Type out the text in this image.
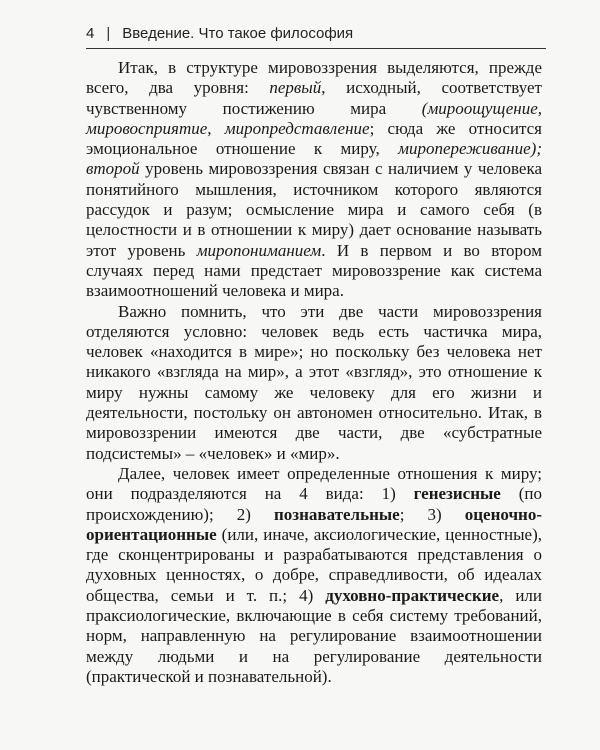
4 | Введение. Что такое философия

Итак, в структуре мировоззрения выделяются, прежде всего, два уровня: первый, исходный, соответствует чувственному постижению мира (мироощущение, мировосприятие, миропредставление; сюда же относится эмоциональное отношение к миру, миропереживание); второй уровень мировоззрения связан с наличием у человека понятийного мышления, источником которого являются рассудок и разум; осмысление мира и самого себя (в целостности и в отношении к миру) дает основание называть этот уровень миропониманием. И в первом и во втором случаях перед нами предстает мировоззрение как система взаимоотношений человека и мира.

Важно помнить, что эти две части мировоззрения отделяются условно: человек ведь есть частичка мира, человек «находится в мире»; но поскольку без человека нет никакого «взгляда на мир», а этот «взгляд», это отношение к миру нужны самому же человеку для его жизни и деятельности, постольку он автономен относительно. Итак, в мировоззрении имеются две части, две «субстратные подсистемы» – «человек» и «мир».

Далее, человек имеет определенные отношения к миру; они подразделяются на 4 вида: 1) генезисные (по происхождению); 2) познавательные; 3) оценочно-ориентационные (или, иначе, аксиологические, ценностные), где сконцентрированы и разрабатываются представления о духовных ценностях, о добре, справедливости, об идеалах общества, семьи и т. п.; 4) духовно-практические, или праксиологические, включающие в себя систему требований, норм, направленную на регулирование взаимоотношении между людьми и на регулирование деятельности (практической и познавательной).
